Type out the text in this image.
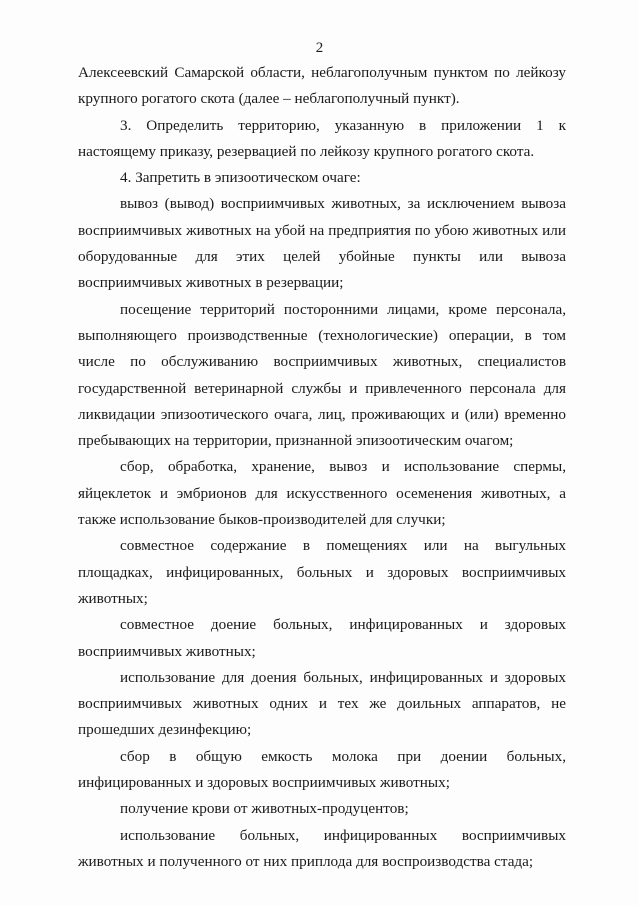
2

Алексеевский Самарской области, неблагополучным пунктом по лейкозу крупного рогатого скота (далее – неблагополучный пункт).

3. Определить территорию, указанную в приложении 1 к настоящему приказу, резервацией по лейкозу крупного рогатого скота.

4. Запретить в эпизоотическом очаге:

вывоз (вывод) восприимчивых животных, за исключением вывоза восприимчивых животных на убой на предприятия по убою животных или оборудованные для этих целей убойные пункты или вывоза восприимчивых животных в резервации;

посещение территорий посторонними лицами, кроме персонала, выполняющего производственные (технологические) операции, в том числе по обслуживанию восприимчивых животных, специалистов государственной ветеринарной службы и привлеченного персонала для ликвидации эпизоотического очага, лиц, проживающих и (или) временно пребывающих на территории, признанной эпизоотическим очагом;

сбор, обработка, хранение, вывоз и использование спермы, яйцеклеток и эмбрионов для искусственного осеменения животных, а также использование быков-производителей для случки;

совместное содержание в помещениях или на выгульных площадках, инфицированных, больных и здоровых восприимчивых животных;

совместное доение больных, инфицированных и здоровых восприимчивых животных;

использование для доения больных, инфицированных и здоровых восприимчивых животных одних и тех же доильных аппаратов, не прошедших дезинфекцию;

сбор в общую емкость молока при доении больных, инфицированных и здоровых восприимчивых животных;

получение крови от животных-продуцентов;

использование больных, инфицированных восприимчивых животных и полученного от них приплода для воспроизводства стада;
